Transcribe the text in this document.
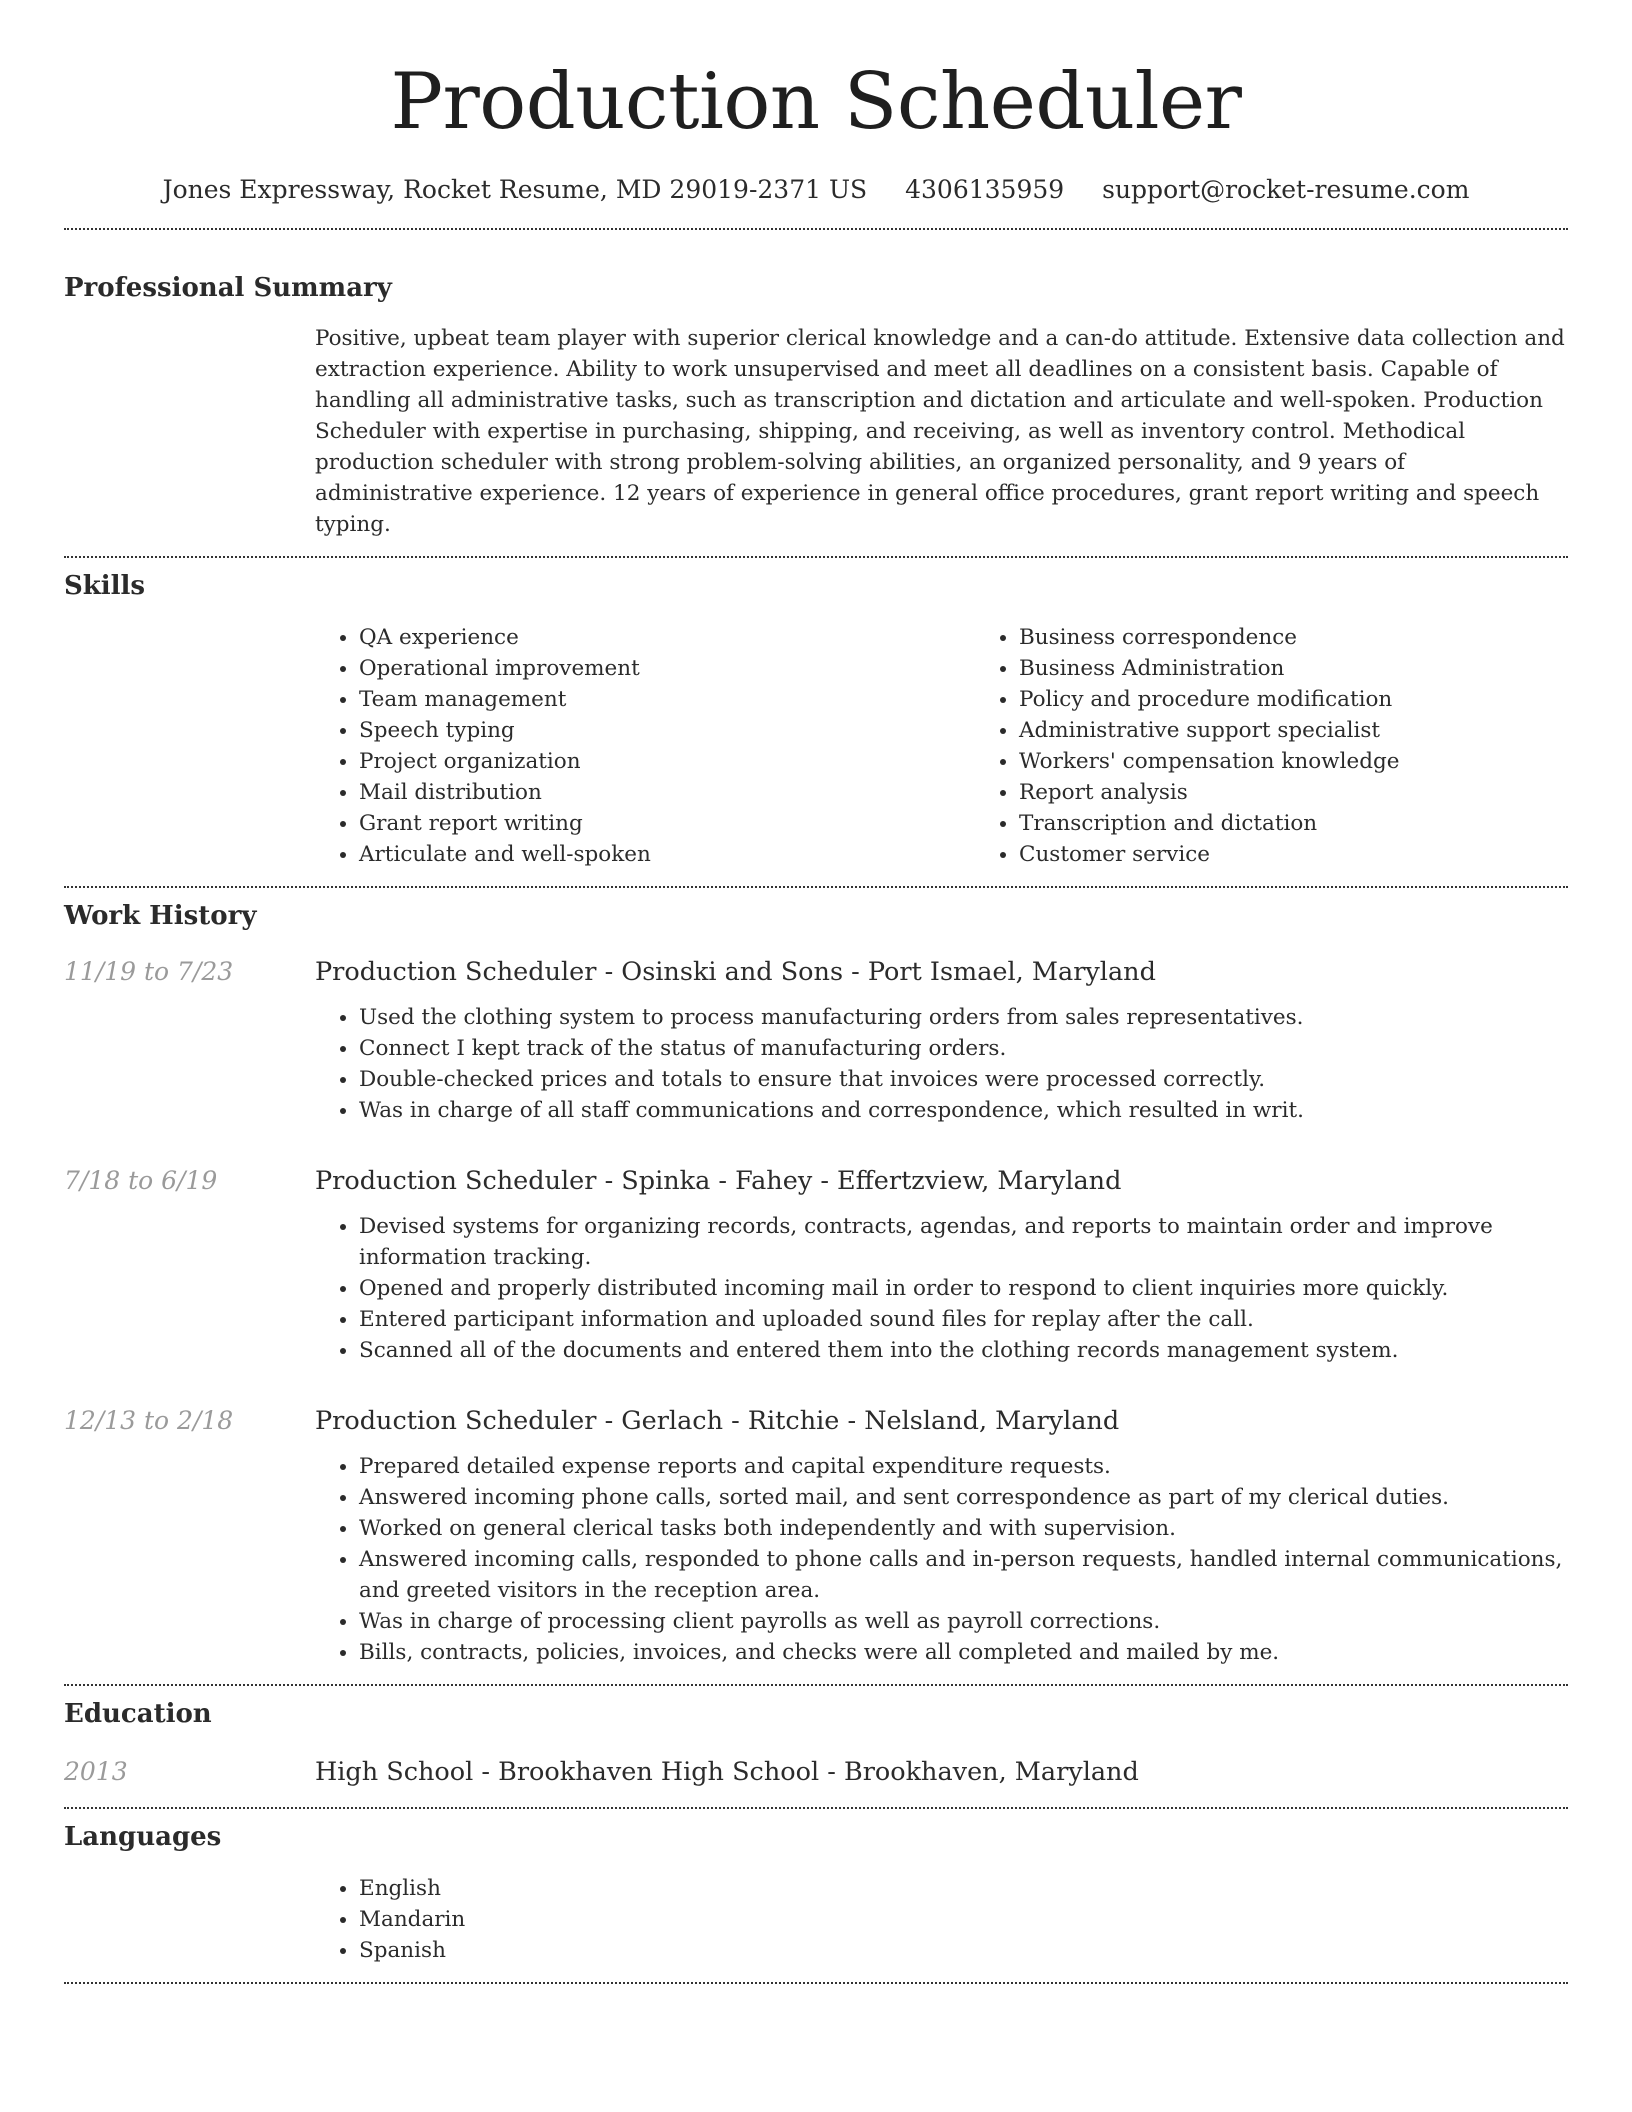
Production Scheduler
Jones Expressway, Rocket Resume, MD 29019-2371 US 4306135959 support@rocket-resume.com
Professional Summary

Positive, upbeat team player with superior clerical knowledge and a can-do attitude. Extensive data collection and extraction experience. Ability to work unsupervised and meet all deadlines on a consistent basis. Capable of handling all administrative tasks, such as transcription and dictation and articulate and well-spoken. Production Scheduler with expertise in purchasing, shipping, and receiving, as well as inventory control. Methodical production scheduler with strong problem-solving abilities, an organized personality, and 9 years of administrative experience. 12 years of experience in general office procedures, grant report writing and speech typing.

Skills
• QA experience
• Operational improvement
• Team management
• Speech typing
• Project organization
• Mail distribution
• Grant report writing
• Articulate and well-spoken
• Business correspondence
• Business Administration
• Policy and procedure modification
• Administrative support specialist
• Workers' compensation knowledge
• Report analysis
• Transcription and dictation
• Customer service
Work History
11/19 to 7/23	Production Scheduler - Osinski and Sons - Port Ismael, Maryland
• Used the clothing system to process manufacturing orders from sales representatives.
• Connect I kept track of the status of manufacturing orders.
• Double-checked prices and totals to ensure that invoices were processed correctly.
• Was in charge of all staff communications and correspondence, which resulted in writ.
7/18 to 6/19	Production Scheduler - Spinka - Fahey - Effertzview, Maryland
• Devised systems for organizing records, contracts, agendas, and reports to maintain order and improve information tracking.
• Opened and properly distributed incoming mail in order to respond to client inquiries more quickly.
• Entered participant information and uploaded sound files for replay after the call.
• Scanned all of the documents and entered them into the clothing records management system.
12/13 to 2/18	Production Scheduler - Gerlach - Ritchie - Nelsland, Maryland
• Prepared detailed expense reports and capital expenditure requests.
• Answered incoming phone calls, sorted mail, and sent correspondence as part of my clerical duties.
• Worked on general clerical tasks both independently and with supervision.
• Answered incoming calls, responded to phone calls and in-person requests, handled internal communications, and greeted visitors in the reception area.
• Was in charge of processing client payrolls as well as payroll corrections.
• Bills, contracts, policies, invoices, and checks were all completed and mailed by me.
Education
2013	High School - Brookhaven High School - Brookhaven, Maryland
Languages
• English
• Mandarin
• Spanish
